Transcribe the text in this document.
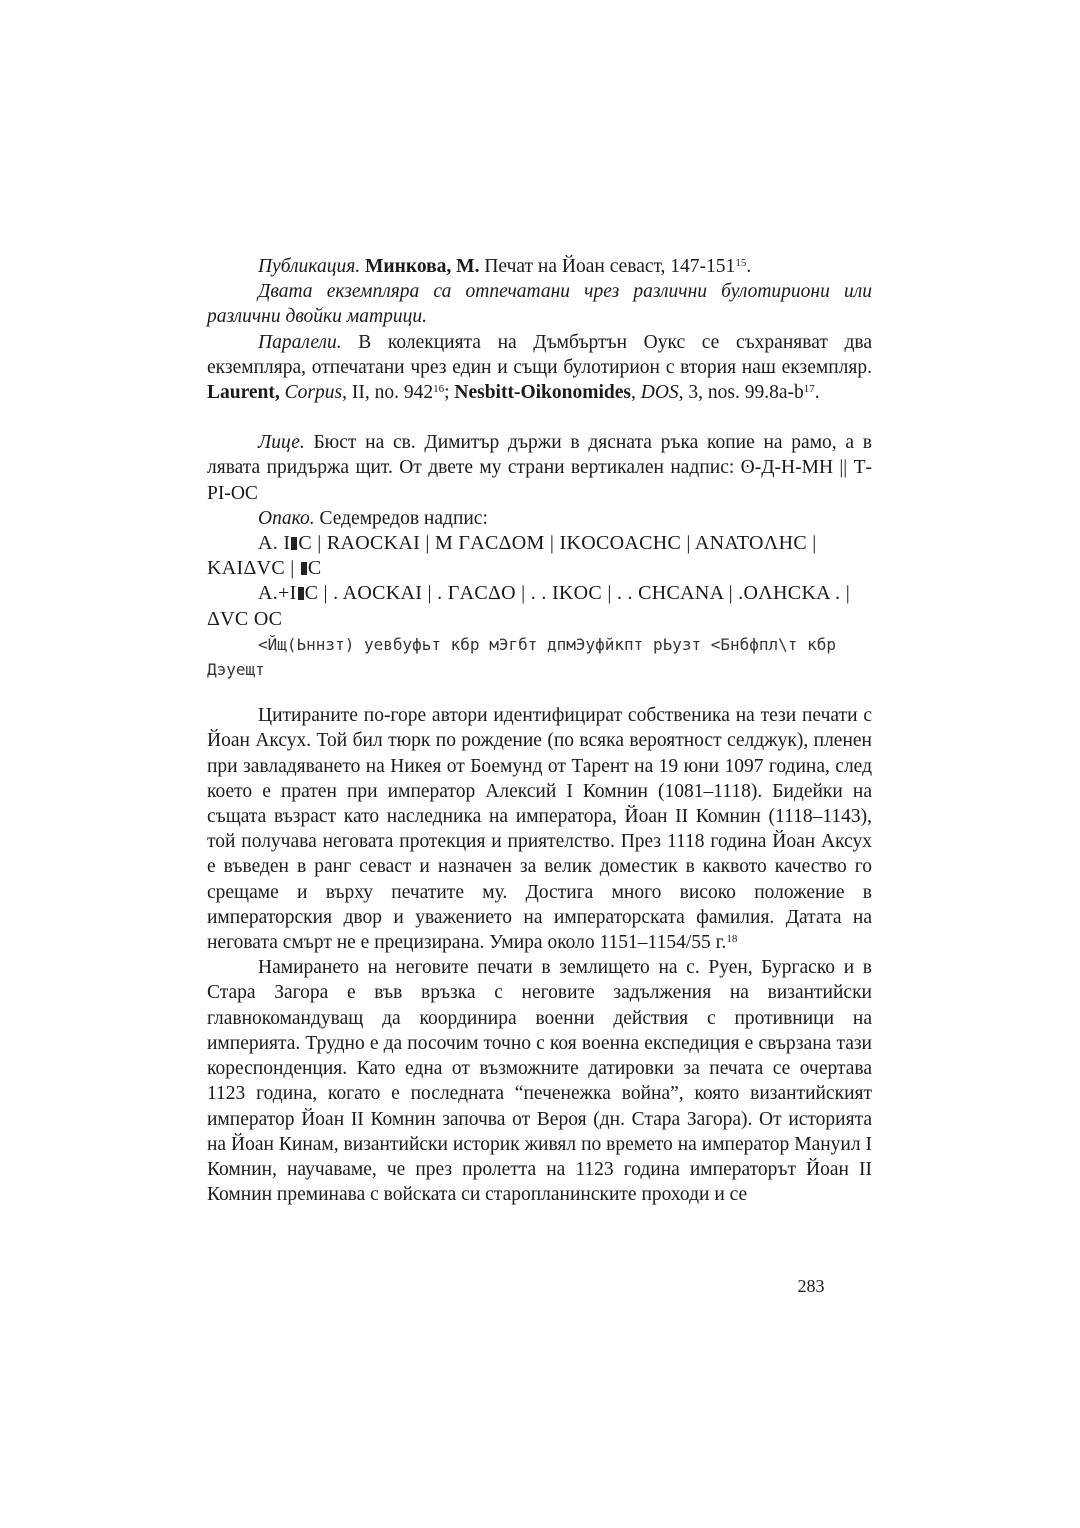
Публикация. Минкова, М. Печат на Йоан севаст, $147-151^{15}$.

Двата екземпляра са отпечатани чрез различни булотириони или различни двойки матрици.

Паралели. В колекцията на Дъмбъртън Оукс се съхраняват два екземпляра, отпечатани чрез един и същи булотирион с втория наш екземпляр. Laurent, Corpus, II, no. $942^{16}$; Nesbitt-Oikonomides, DOS, 3, nos. $99.8a-b^{17}$.

Лице. Бюст на св. Димитър държи в дясната ръка копие на рамо, а в лявата придържа щит. От двете му страни вертикален надпис: ʘ-Д-Н-МН || Т-PI-OC

Опако. Седемредов надпис:

А. I C | RAOCKAI | M ΓACΔOM | IKOCOACHC | ANATOΛHC | KAIΔVC | C

А.+I C | . AOCKAI | . ΓACΔO | . . IKOC | . . CHCANA | .OΛHCKA . | ΔVC OC

<Йщ(Ьннзт) уевбуфьт кбр мЭгбт дпмЭуфйкпт рЬузт <Бнбфпл\т кбр Дэуещт

Цитираните по-горе автори идентифицират собственика на тези печати с Йоан Аксух. Той бил тюрк по рождение (по всяка вероятност селджук), пленен при завладяването на Никея от Боемунд от Тарент на 19 юни 1097 година, след което е пратен при император Алексий I Комнин (1081–1118). Бидейки на същата възраст като наследника на императора, Йоан II Комнин (1118–1143), той получава неговата протекция и приятелство. През 1118 година Йоан Аксух е въведен в ранг севаст и назначен за велик доместик в каквото качество го срещаме и върху печатите му. Достига много високо положение в императорския двор и уважението на императорската фамилия. Датата на неговата смърт не е прецизирана. Умира около 1151–1154/55 г.$^{18}$

Намирането на неговите печати в землището на с. Руен, Бургаско и в Стара Загора е във връзка с неговите задължения на византийски главнокомандуващ да координира военни действия с противници на империята. Трудно е да посочим точно с коя военна експедиция е свързана тази кореспонденция. Като една от възможните датировки за печата се очертава 1123 година, когато е последната “печенежка война”, която византийският император Йоан II Комнин започва от Вероя (дн. Стара Загора). От историята на Йоан Кинам, византийски историк живял по времето на император Мануил I Комнин, научаваме, че през пролетта на 1123 година императорът Йоан II Комнин преминава с войската си старопланинските проходи и се

283
